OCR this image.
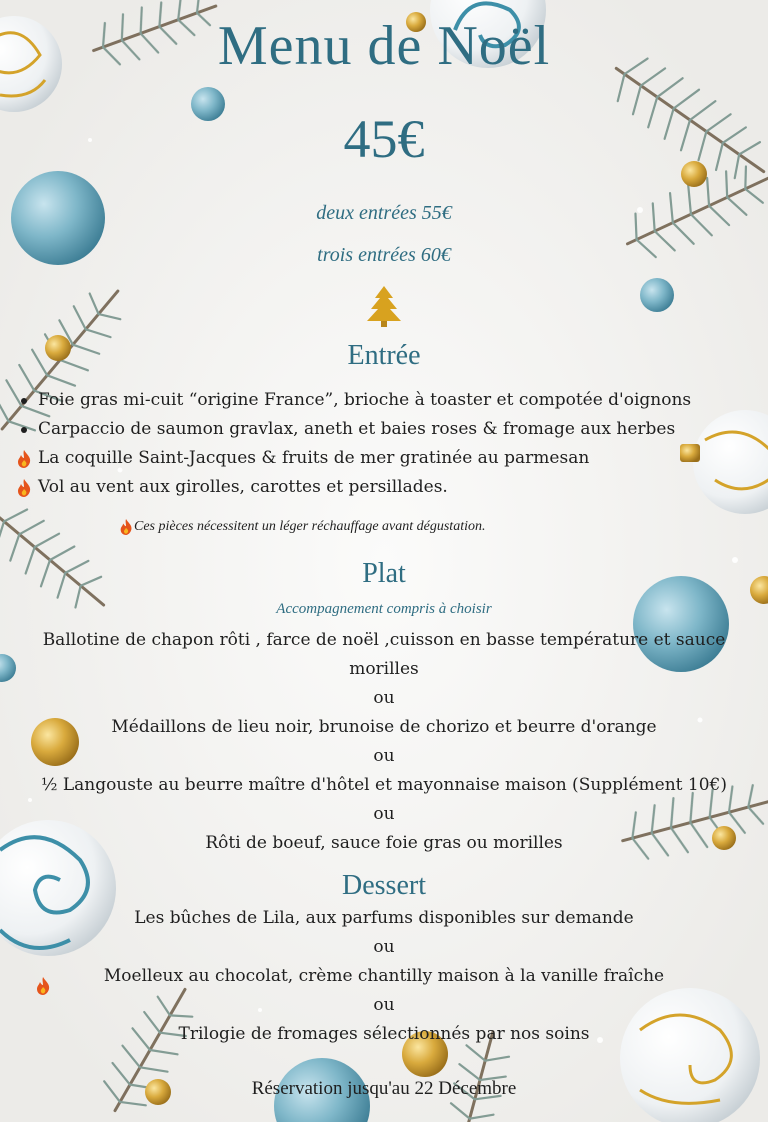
Menu de Noël
45€
deux entrées 55€
trois entrées 60€
Entrée
Foie gras mi-cuit “origine France”, brioche à toaster et compotée d'oignons
Carpaccio de saumon gravlax, aneth et baies roses & fromage aux herbes
La coquille Saint-Jacques & fruits de mer gratinée au parmesan
Vol au vent aux girolles, carottes et persillades.
Ces pièces nécessitent un léger réchauffage avant dégustation.
Plat
Accompagnement compris à choisir
Ballotine de chapon rôti , farce de noël ,cuisson en basse température et sauce
morilles
ou
Médaillons de lieu noir, brunoise de chorizo et beurre d'orange
ou
½ Langouste au beurre maître d'hôtel et mayonnaise maison (Supplément 10€)
ou
Rôti de boeuf, sauce foie gras ou morilles
Dessert
Les bûches de Lila, aux parfums disponibles sur demande
ou
Moelleux au chocolat, crème chantilly maison à la vanille fraîche
ou
Trilogie de fromages sélectionnés par nos soins
Réservation jusqu'au 22 Décembre
